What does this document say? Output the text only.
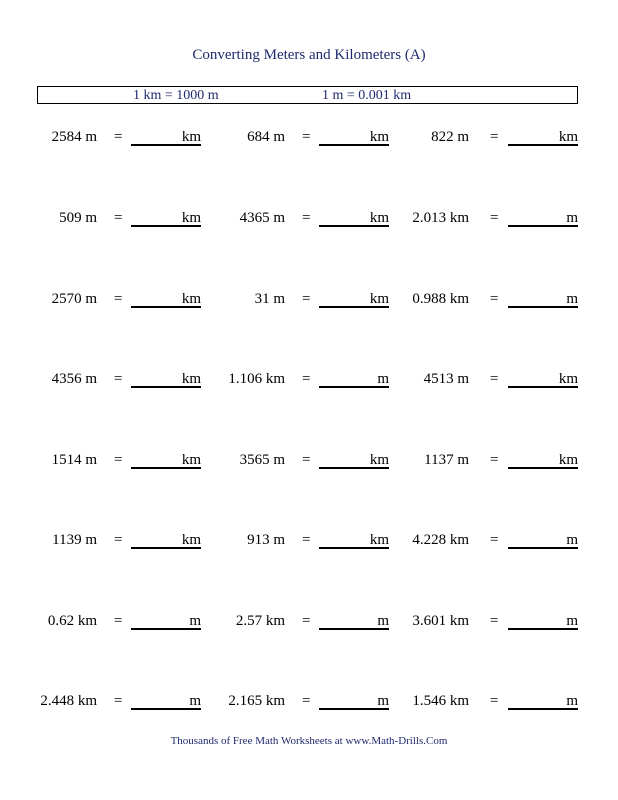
Converting Meters and Kilometers (A)
1 km = 1000 m	1 m = 0.001 km
2584 m =	km	684 m =	km	822 m =	km
509 m =	km	4365 m =	km	2.013 km =	m
2570 m =	km	31 m =	km	0.988 km =	m
4356 m =	km	1.106 km =	m	4513 m =	km
1514 m =	km	3565 m =	km	1137 m =	km
1139 m =	km	913 m =	km	4.228 km =	m
0.62 km =	m	2.57 km =	m	3.601 km =	m
2.448 km =	m	2.165 km =	m	1.546 km =	m
Thousands of Free Math Worksheets at www.Math-Drills.Com
